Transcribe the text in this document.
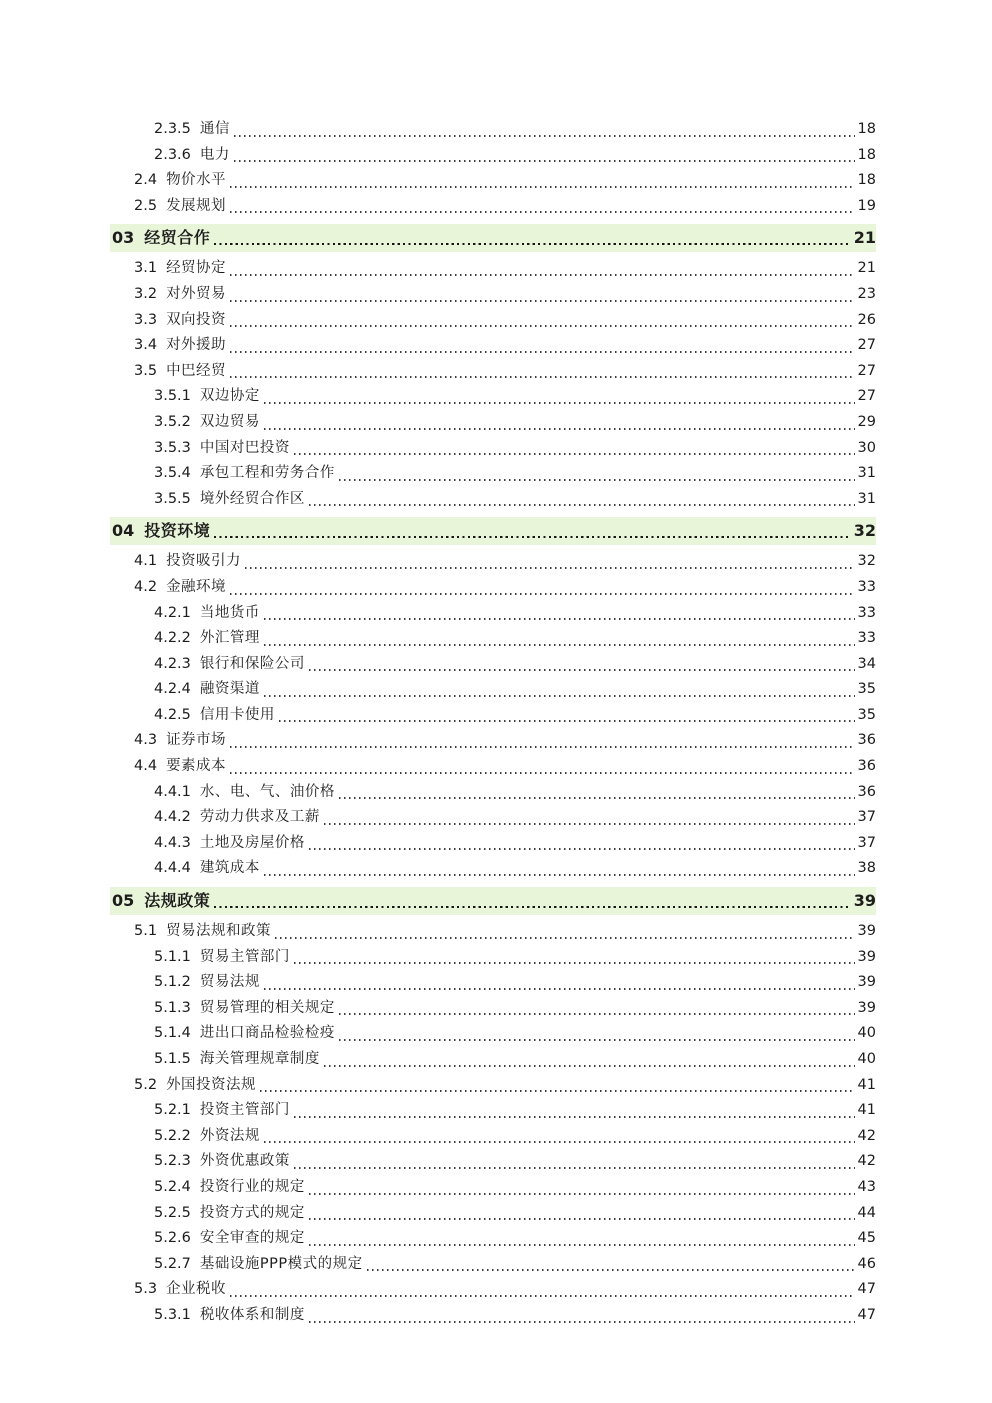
2.3.5 通信	18
2.3.6 电力	18
2.4 物价水平	18
2.5 发展规划	19
03 经贸合作	21
3.1 经贸协定	21
3.2 对外贸易	23
3.3 双向投资	26
3.4 对外援助	27
3.5 中巴经贸	27
3.5.1 双边协定	27
3.5.2 双边贸易	29
3.5.3 中国对巴投资	30
3.5.4 承包工程和劳务合作	31
3.5.5 境外经贸合作区	31
04 投资环境	32
4.1 投资吸引力	32
4.2 金融环境	33
4.2.1 当地货币	33
4.2.2 外汇管理	33
4.2.3 银行和保险公司	34
4.2.4 融资渠道	35
4.2.5 信用卡使用	35
4.3 证券市场	36
4.4 要素成本	36
4.4.1 水、电、气、油价格	36
4.4.2 劳动力供求及工薪	37
4.4.3 土地及房屋价格	37
4.4.4 建筑成本	38
05 法规政策	39
5.1 贸易法规和政策	39
5.1.1 贸易主管部门	39
5.1.2 贸易法规	39
5.1.3 贸易管理的相关规定	39
5.1.4 进出口商品检验检疫	40
5.1.5 海关管理规章制度	40
5.2 外国投资法规	41
5.2.1 投资主管部门	41
5.2.2 外资法规	42
5.2.3 外资优惠政策	42
5.2.4 投资行业的规定	43
5.2.5 投资方式的规定	44
5.2.6 安全审查的规定	45
5.2.7 基础设施PPP模式的规定	46
5.3 企业税收	47
5.3.1 税收体系和制度	47
